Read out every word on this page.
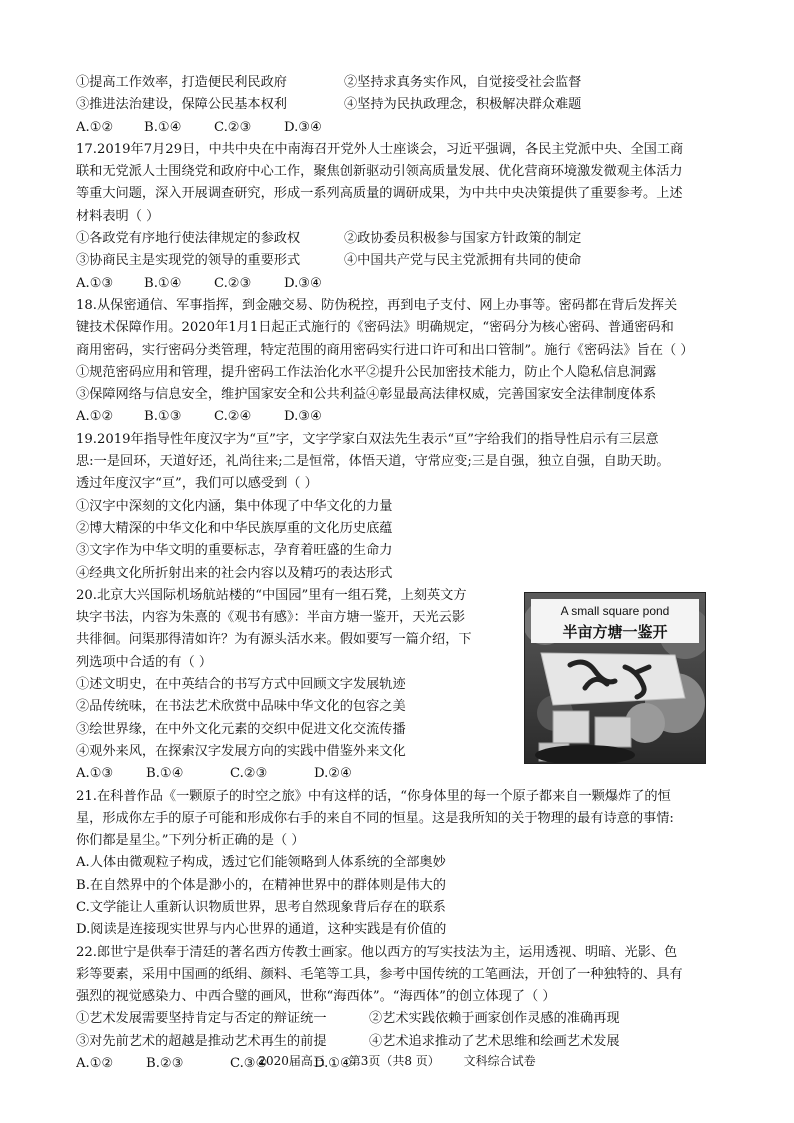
①提高工作效率，打造便民利民政府	②坚持求真务实作风，自觉接受社会监督
③推进法治建设，保障公民基本权利	④坚持为民执政理念，积极解决群众难题
A.①②	B.①④	C.②③	D.③④
17.2019年7月29日，中共中央在中南海召开党外人士座谈会，习近平强调，各民主党派中央、全国工商
联和无党派人士围绕党和政府中心工作，聚焦创新驱动引领高质量发展、优化营商环境激发微观主体活力
等重大问题，深入开展调查研究，形成一系列高质量的调研成果，为中共中央决策提供了重要参考。上述
材料表明（ ）
①各政党有序地行使法律规定的参政权	②政协委员积极参与国家方针政策的制定
③协商民主是实现党的领导的重要形式	④中国共产党与民主党派拥有共同的使命
A.①③	B.①④	C.②③	D.③④
18.从保密通信、军事指挥，到金融交易、防伪税控，再到电子支付、网上办事等。密码都在背后发挥关
键技术保障作用。2020年1月1日起正式施行的《密码法》明确规定，“密码分为核心密码、普通密码和
商用密码，实行密码分类管理，特定范围的商用密码实行进口许可和出口管制”。施行《密码法》旨在（ ）
①规范密码应用和管理，提升密码工作法治化水平②提升公民加密技术能力，防止个人隐私信息洞露
③保障网络与信息安全，维护国家安全和公共利益④彰显最高法律权威，完善国家安全法律制度体系
A.①②	B.①③	C.②④	D.③④
19.2019年指导性年度汉字为“亘”字，文字学家白双法先生表示“亘”字给我们的指导性启示有三层意
思:一是回环，天道好还，礼尚往来;二是恒常，体悟天道，守常应变;三是自强，独立自强，自助天助。
透过年度汉字“亘”，我们可以感受到（ ）
①汉字中深刻的文化内涵，集中体现了中华文化的力量
②博大精深的中华文化和中华民族厚重的文化历史底蕴
③文字作为中华文明的重要标志，孕育着旺盛的生命力
④经典文化所折射出来的社会内容以及精巧的表达形式
20.北京大兴国际机场航站楼的“中国园”里有一组石凳，上刻英文方
块字书法，内容为朱熹的《观书有感》：半亩方塘一鉴开，天光云影
共徘徊。问渠那得清如许？为有源头活水来。假如要写一篇介绍，下
列选项中合适的有（ ）
①述文明史，在中英结合的书写方式中回顾文字发展轨迹
②品传统味，在书法艺术欣赏中品味中华文化的包容之美
③绘世界缘，在中外文化元素的交织中促进文化交流传播
④观外来风，在探索汉字发展方向的实践中借鉴外来文化
A.①③	B.①④	C.②③	D.②④
A small square pond
半亩方塘一鉴开
21.在科普作品《一颗原子的时空之旅》中有这样的话，“你身体里的每一个原子都来自一颗爆炸了的恒
星，形成你左手的原子可能和形成你右手的来自不同的恒星。这是我所知的关于物理的最有诗意的事情:
你们都是星尘。”下列分析正确的是（ ）
A.人体由微观粒子构成，透过它们能领略到人体系统的全部奥妙
B.在自然界中的个体是渺小的，在精神世界中的群体则是伟大的
C.文学能让人重新认识物质世界，思考自然现象背后存在的联系
D.阅读是连接现实世界与内心世界的通道，这种实践是有价值的
22.郎世宁是供奉于清廷的著名西方传教士画家。他以西方的写实技法为主，运用透视、明暗、光影、色
彩等要素，采用中国画的纸绢、颜料、毛笔等工具，参考中国传统的工笔画法，开创了一种独特的、具有
强烈的视觉感染力、中西合璧的画风，世称“海西体”。“海西体”的创立体现了（ ）
①艺术发展需要坚持肯定与否定的辩证统一	②艺术实践依赖于画家创作灵感的准确再现
③对先前艺术的超越是推动艺术再生的前提	④艺术追求推动了艺术思维和绘画艺术发展
A.①②	B.②③	C.③④	D.①④
2020届高三 第3页（共8 页） 文科综合试卷
